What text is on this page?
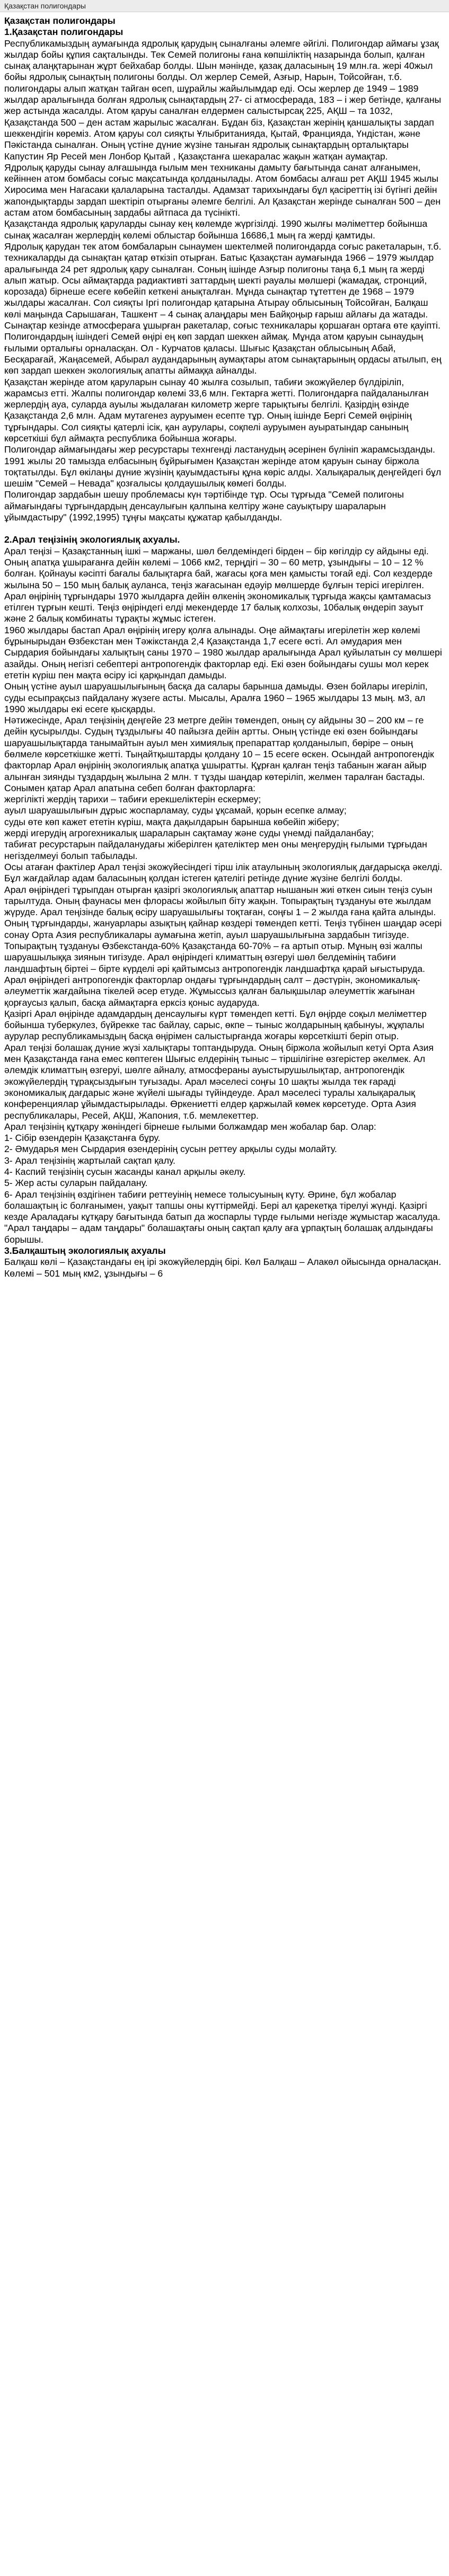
Қазақстан полигондары

Қазақстан полигондары

1.Қазақстан полигондары

Республикамыздың аумағында ядролық қарудың сыналғаны әлемге әйгілі. Полигондар аймағы ұзақ жылдар бойы құпия сақталынды. Тек Семей полигоны ғана көпшіліктің назарында болып, қалған сынақ алаңқтарынан жұрт бейхабар болды. Шын мәнінде, қазақ даласының 19 млн.га. жері 40жыл бойы ядролық сынақтың полигоны болды. Ол жерлер Семей, Азғыр, Нарын, Тойсойған, т.б. полигондары алып жатқан тайган өсеп, шұрайлы жайылымдар еді. Осы жерлер де 1949 – 1989 жылдар аралығында болған ядролық сынақтардың 27- сі атмосферада, 183 – і жер бетінде, қалғаны жер астында жасалды. Атом қаруы саналған елдермен салыстырсақ 225, АҚШ – та 1032, Қазақстанда 500 – ден астам жарылыс жасалған. Бұдан біз, Қазақстан жерінің қаншалықты зардап шеккендігін көреміз. Атом қаруы сол сияқты Ұлыбританияда, Қытай, Францияда, Үндістан, және Пәкістанда сыналған. Оның үстіне дүние жүзіне таныған ядролық сынақтардың орталықтары Капустин Яр Ресей мен Лонбор Қытай , Қазақстанға шекаралас жақын жатқан аумақтар.

Ядролық қаруды сынау алғашында ғылым мен техниканы дамыту бағытында санат алғанымен, кейіннен атом бомбасы соғыс мақсатында қолданылады. Атом бомбасы алғаш рет АҚШ 1945 жылы Хиросима мен Нагасаки қалаларына тасталды. Адамзат тарихындағы бұл қасіреттің ізі бүгінгі дейін жапондықтарды зардап шектіріп отырғаны әлемге белгілі. Ал Қазақстан жерінде сыналған 500 – ден астам атом бомбасының зардабы айтпаса да түсінікті.

Қазақстанда ядролық қаруларды сынау кең көлемде жүргізілді. 1990 жылғы мәліметтер бойынша сынақ жасалған жерлердің көлемі облыстар бойынша 16686,1 мың га жерді қамтиды.

Ядролық қарудан тек атом бомбаларын сынаумен шектелмей полигондарда соғыс ракеталарын, т.б. техникаларды да сынақтан қатар өткізіп отырған. Батыс Қазақстан аумағында 1966 – 1979 жылдар аралығында 24 рет ядролық қару сыналған. Соның ішінде Азғыр полигоны таңа 6,1 мың га жерді алып жатыр. Осы аймақтарда радиактивті заттардың шекті рауалы мөлшері (жамадақ, стронций, корозада) бірнеше есеге көбейіп кеткені анықталған. Мұнда сынақтар тұтеттен де 1968 – 1979 жылдары жасалған. Сол сияқты Іргі полигондар қатарына Атырау облысының Тойсойған, Балқаш көлі маңында Сарышаған, Ташкент – 4 сынақ алаңдары мен Байқоңыр ғарыш айлағы да жатады. Сынақтар кезінде атмосфераға ұшырған ракеталар, соғыс техникалары қоршаған ортаға өте қауіпті. Полигондардың ішіндегі Семей өңірі ең көп зардап шеккен аймақ. Мұнда атом қаруын сынаудың ғылыми орталығы орналасқан. Ол - Курчатов қаласы. Шығыс Қазақстан облысының Абай, Бесқарағай, Жаңасемей, Абырал аудандарының аумақтары атом сынақтарының ордасы атылып, ең көп зардап шеккен экологиялық апатты аймаққа айналды.

Қазақстан жерінде атом қаруларын сынау 40 жылға созылып, табиғи экожүйелер бүлдіріліп, жарамсыз етті. Жалпы полигондар көлемі 33,6 млн. Гектарға жетті. Полигондарға пайдаланылған жерлердің ауа, суларда ауылы жыдалаған километр жерге тарықтығы белгілі. Қазірдің өзінде Қазақстанда 2,6 млн. Адам мутагенез ауруымен есепте тұр. Оның ішінде Бергі Семей өңірінің тұрғындары. Сол сияқты қатерлі ісік, қан аурулары, соқпелі ауруымен ауыратындар санының көрсеткіші бұл аймақта республика бойынша жоғары.

Полигондар аймағындағы жер ресурстары технгенді ластанудың әсерінен бүлініп жарамсызданды.

1991 жылы 20 тамызда елбасының бұйрығымен Қазақстан жерінде атом қаруын сынау біржола тоқтатылды. Бұл өкілаңы дүние жүзінің қауымдастығы құна көріс алды. Халықаралық деңгейдегі бұл шешім "Семей – Невада" қозғалысы қолдаушылық көмегі болды.

Полигондар зардабын шешу проблемасы күн тәртібінде тұр. Осы тұрғыда "Семей полигоны аймағындағы тұрғындардың денсаулығын қалпына келтіру және сауықтыру шараларын ұйымдастыру" (1992,1995) тұңғы мақсаты құжатар қабылданды.

2.Арал теңізінің экологиялық ахуалы.

Арал теңізі – Қазақстанның ішкі – маржаны, шөл белдеміндегі бірден – бір көгілдір су айдыны еді. Оның апатқа ұшырағанға дейін көлемі – 1066 км2, терңдігі – 30 – 60 метр, ұзындығы – 10 – 12 % болған. Қойнауы кәсіпті бағалы балықтарға бай, жағасы қоға мен қамысты тоғай еді. Сол кездерде жылына 50 – 150 мың балық ауланса, теңіз жағасынан едәуір мөлшерде бұлғын терісі игерілген.

Арал өңірінің тұрғындары 1970 жылдарға дейін өлкенің экономикалық тұрғыда жақсы қамтамасыз етілген тұрғын кешті. Теңіз өңіріндегі елді мекендерде 17 балық колхозы, 10балық өндеріп зауыт және 2 балық комбинаты тұрақты жұмыс істеген.

1960 жылдары бастап Арал өңірінің игеру қолға алынады. Оңе аймақтағы игерілетін жер көлемі бұрынырыдан Өзбекстан мен Тәжікстанда 2,4 Қазақстанда 1,7 есеге өсті. Ал әмудария мен Сырдария бойындағы халықтың саны 1970 – 1980 жылдар аралығында Арал қуйылатын су мөлшері азайды. Оның негізгі себептері антропогендік факторлар еді. Екі өзен бойындағы сушы мол керек ететін күріш пен мақта өсіру ісі қарқындап дамыды.

Оның үстіне ауыл шаруашылығының басқа да салары барынша дамыды. Өзен бойлары игеріліп, суды есыпрақсыз пайдалану жүзеге асты. Мысалы, Аралға 1960 – 1965 жылдары 13 мың. м3, ал 1990 жылдары екі есеге қысқарды.

Нәтижесінде, Арал теңізінің деңгейе 23 метрге дейін төмендеп, оның су айдыны 30 – 200 км – ге дейін қусырылды. Судың тұздылығы 40 пайызға дейін артты. Оның үстінде екі өзен бойындағы шаруашылықтарда танымайтын ауыл мен химиялық препараттар қолданылып, бөріре – оның бөлмеле көрсеткішке жетті. Тыңайтқыштарды қолдану 10 – 15 есеге өскен. Осындай антропогендік факторлар Арал өңірінің экологиялық апатқа ұшыратты. Құрған қалған теңіз табанын жаған айыр алынған зиянды тұздардың жылына 2 млн. т тұзды шаңдар көтеріліп, желмен таралған бастады. Сонымен қатар Арал апатына себеп болған факторларға:

жергілікті жердің тарихи – табиғи ерекшеліктерін ескермеу;

ауыл шаруашылығын дұрыс жоспарламау, суды ұқсамай, қорын есепке алмау;

суды өте көп кажет ететін күріш, мақта дақылдарын барынша көбейіп жіберу;

жерді игерудің агрогехникалық шараларын сақтамау және суды үнемді пайдаланбау;

табиғат ресурстарын пайдаланудағы жіберілген қателіктер мен оны меңгерудің ғылыми тұрғыдан негізделмеуі болып табылады.

Осы атаған фактілер Арал теңізі экожүйесіндегі тірш ілік атаулының экологиялық дағдарысқа әкелді. Бұл жағдайлар адам баласының қолдан істеген қателігі ретінде дүние жүзіне белгілі болды.

Арал өңіріндегі тұрыпдан отырған қазіргі экологиялық апаттар нышанын жиі өткен сиын теңіз суын тарылтуда. Оның фаунасы мен флорасы жойылып біту жақын. Топырақтың тұздануы өте жылдам жүруде. Арал теңізінде балық өсіру шаруашылығы тоқтаған, соңғы 1 – 2 жылда ғана қайта алынды. Оның тұрғындарды, жануарлары азықтың қайнар көздері төмендеп кетті. Теңіз түбінен шаңдар әсері сонау Орта Азия республикалары аумағына жетіп, ауыл шаруашылығына зардабын тигізуде. Топырақтың тұздануы Өзбекстанда-60% Қазақстанда 60-70% – ға артып отыр. Мұның өзі жалпы шаруашылыққа зиянын тигізуде. Арал өңіріндегі климаттың өзгеруі шөл белдемінің табиғи ландшафтың біртеі – бірте күрделі әрі қайтымсыз антропогендік ландшафтқа қарай ығыстыруда.

Арал өңіріндегі антропогендік факторлар ондағы тұрғындардың салт – дәстүрін, экономикалық-әлеуметтік жағдайына тікелей әсер етуде. Жұмыссыз қалған балықшылар әлеуметтік жағынан қорғаусыз қалып, басқа аймақтарға ерксіз қоныс аударуда.

Қазіргі Арал өңірінде адамдардың денсаулығы күрт төмендеп кетті. Бұл өңірде соқыл меліметтер бойынша туберкулез, бүйрекке тас байлау, сарыс, өкпе – тыныс жолдарының қабынуы, жұқпалы аурулар республикамыздың басқа өңірімен салыстырғанда жоғары көрсеткішті беріп отыр.

Арал теңізі болашақ дүние жүзі халықтары топтандыруда. Оның біржола жойылып кетуі Орта Азия мен Қазақстанда ғана емес көптеген Шығыс елдерінің тыныс – тіршілігіне өзгерістер әкелмек. Ал әлемдік климаттың өзгеруі, шөлге айналу, атмосфераны ауыстырушылықтар, антропогендік экожүйелердің тұрақсыздығын туғызады. Арал мәселесі соңғы 10 шақты жылда тек ғараді экономикалық дағдарыс және жүйелі шығады түйіндеуде. Арал мәселесі туралы халықаралық конференциялар ұйымдастырылады. Өркениетті елдер қаржылай көмек көрсетуде. Орта Азия республикалары, Ресей, АҚШ, Жапония, т.б. мемлекеттер.

Арал теңізінің құтқару жөніндегі бірнеше ғылыми болжамдар мен жобалар бар. Олар:

1- Сібір өзендерін Қазақстанға бұру.

2- Әмударья мен Сырдария өзендерінің сусын реттеу арқылы суды молайту.

3- Арал теңізінің жартылай сақтап қалу.

4- Каспий теңізінің сусын жасанды канал арқылы әкелу.

5- Жер асты суларын пайдалану.

6- Арал теңізінің өздігінен табиғи реттеуінің немесе толысуының күту. Әрине, бұл жобалар болашақтың іс болғанымен, уақыт тапшы оны күттірмейді. Бері ал қарекетқа тірелуі жүнді. Қазіргі кезде Араладағы кұтқару бағытында батып да жоспарлы түрде ғылыми негізде жұмыстар жасалуда. "Арал таңдары – адам таңдары" болашақтағы оның сақтап қалу аға ұрпақтың болашақ алдындағы борышы.

3.Балқаштың экологиялық ахуалы

Балқаш көлі – Қазақстандағы ең ірі экожүйелердің бірі. Көл Балқаш – Алакөл ойысында орналасқан. Көлемі – 501 мың км2, ұзындығы – 6
